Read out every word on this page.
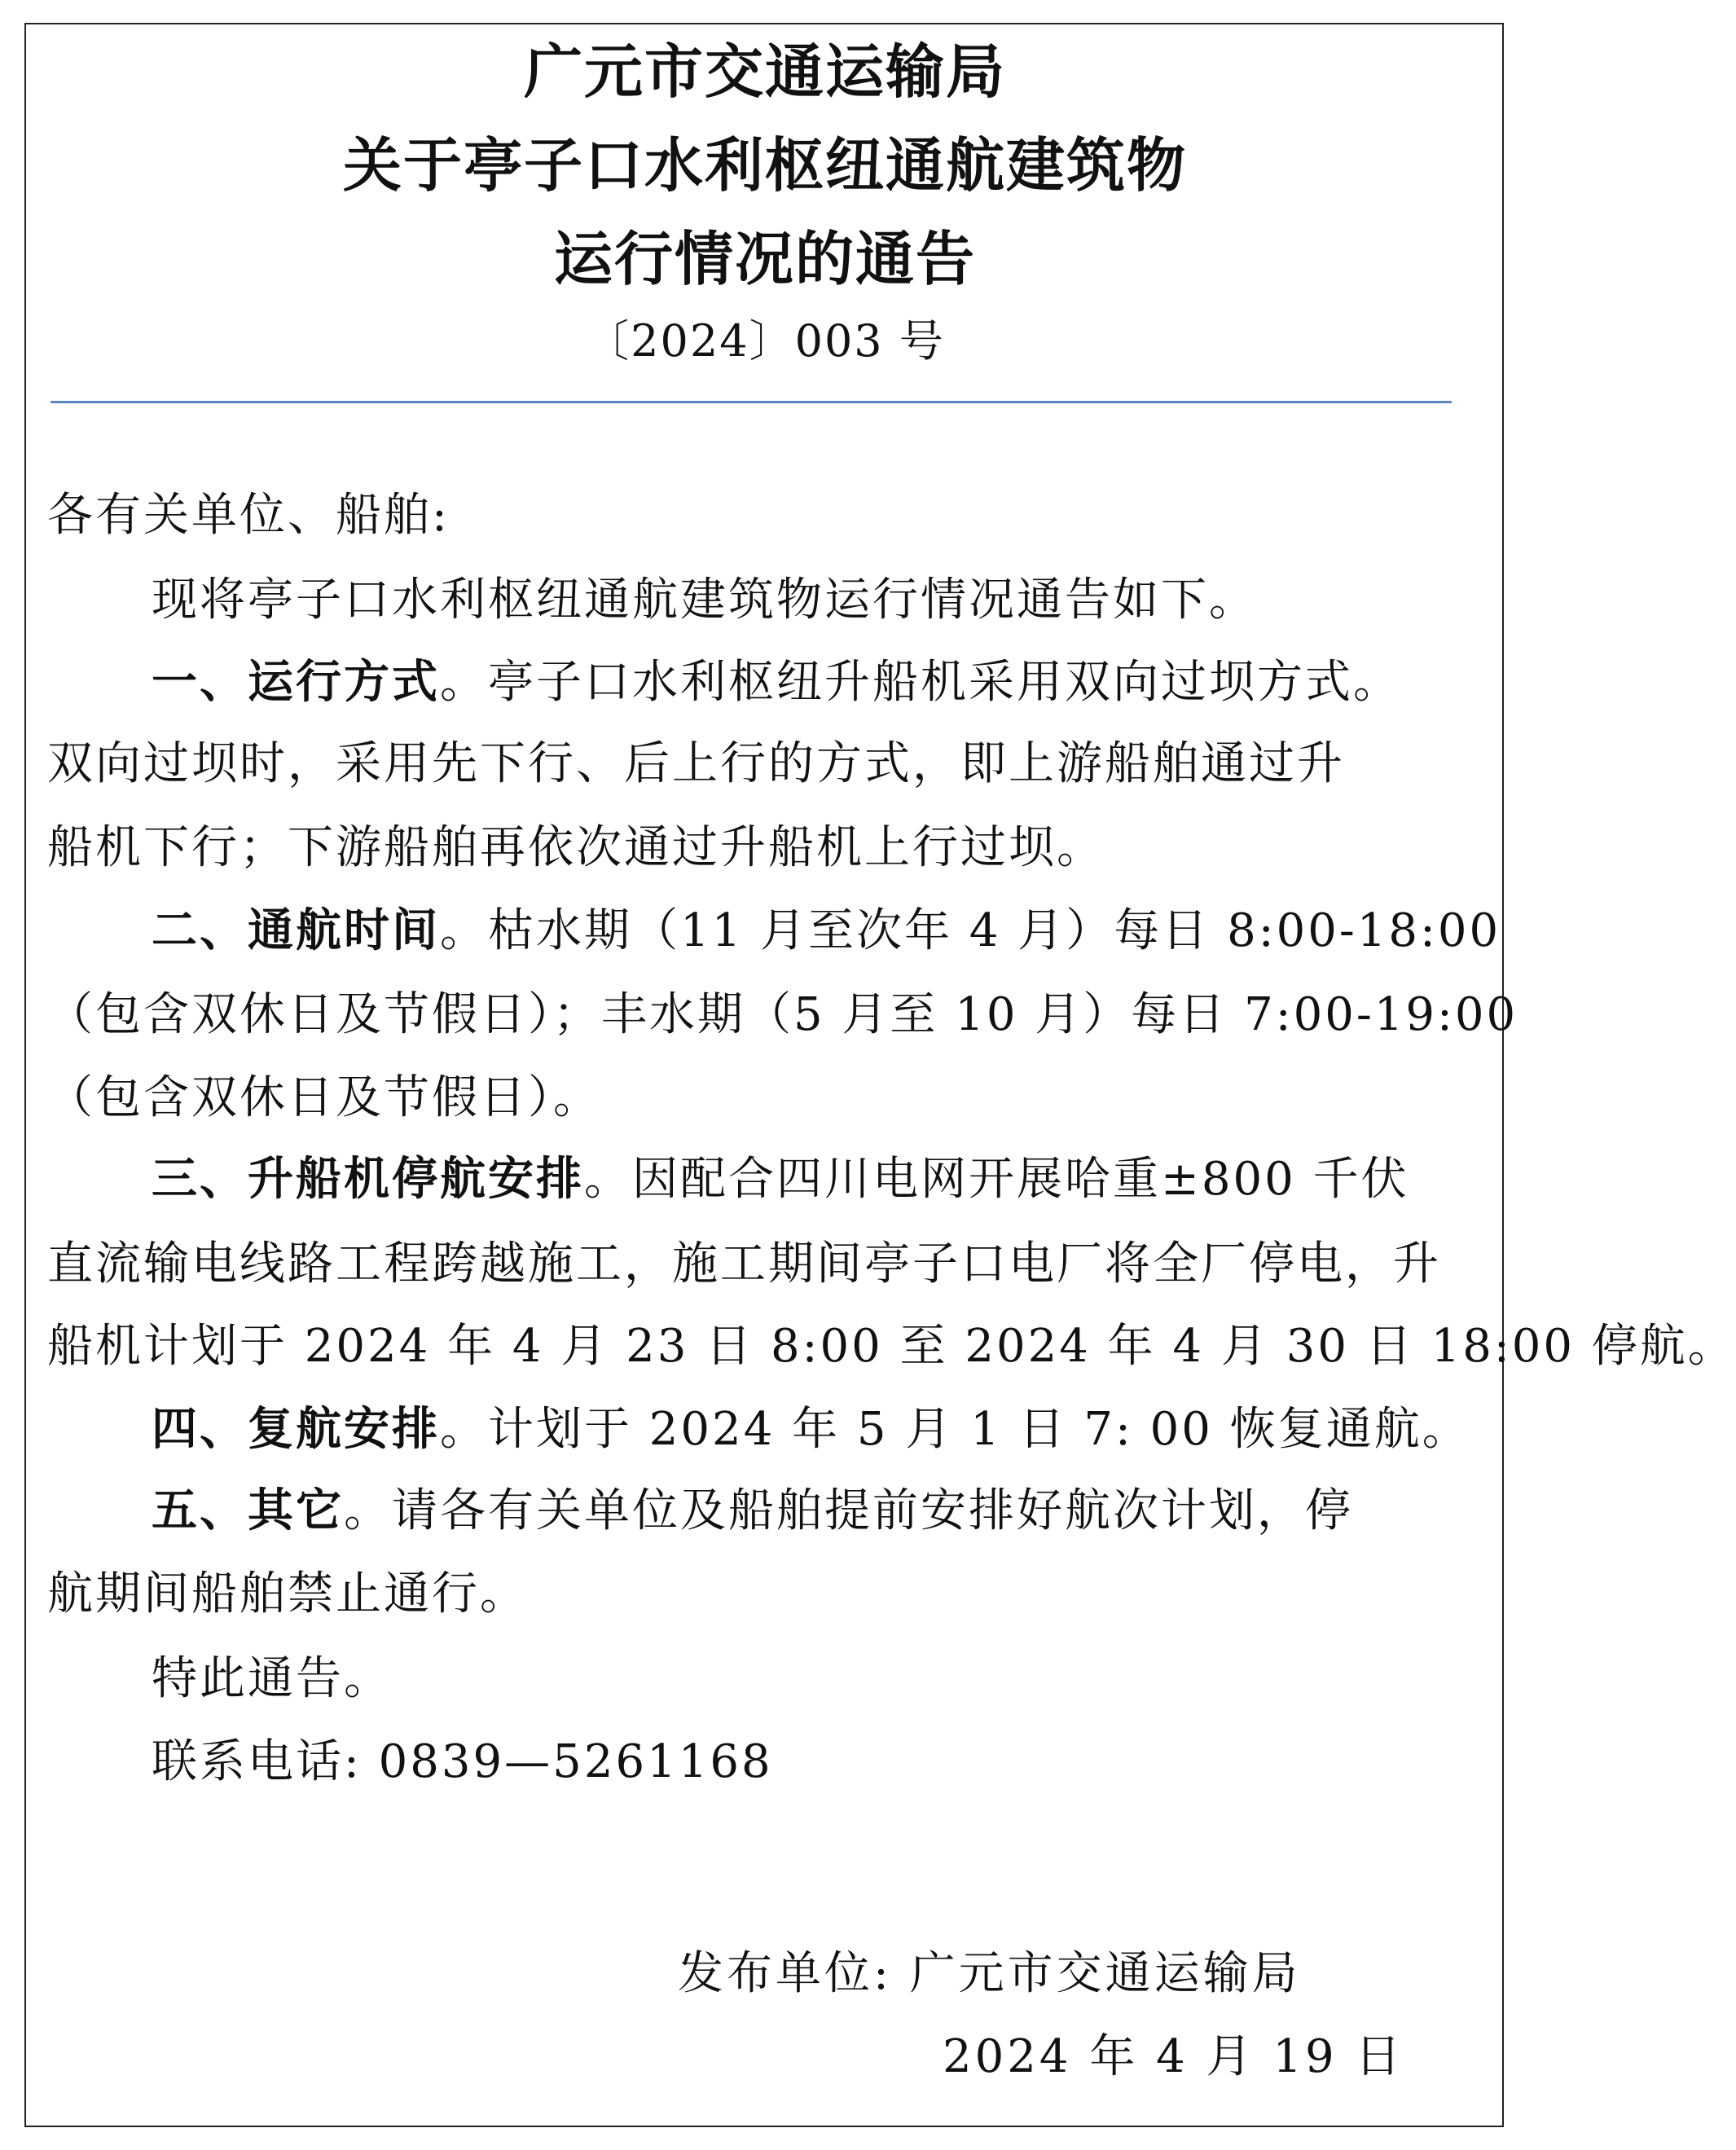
广元市交通运输局
关于亭子口水利枢纽通航建筑物
运行情况的通告
〔2024〕003 号
各有关单位、船舶:
现将亭子口水利枢纽通航建筑物运行情况通告如下。
一、运行方式。亭子口水利枢纽升船机采用双向过坝方式。
双向过坝时，采用先下行、后上行的方式，即上游船舶通过升
船机下行；下游船舶再依次通过升船机上行过坝。
二、通航时间。枯水期（11 月至次年 4 月）每日 8:00-18:00
（包含双休日及节假日）；丰水期（5 月至 10 月）每日 7:00-19:00
（包含双休日及节假日）。
三、升船机停航安排。因配合四川电网开展哈重±800 千伏
直流输电线路工程跨越施工，施工期间亭子口电厂将全厂停电，升
船机计划于 2024 年 4 月 23 日 8:00 至 2024 年 4 月 30 日 18:00 停航。
四、复航安排。计划于 2024 年 5 月 1 日 7: 00 恢复通航。
五、其它。请各有关单位及船舶提前安排好航次计划，停
航期间船舶禁止通行。
特此通告。
联系电话: 0839—5261168
发布单位: 广元市交通运输局
2024 年 4 月 19 日
